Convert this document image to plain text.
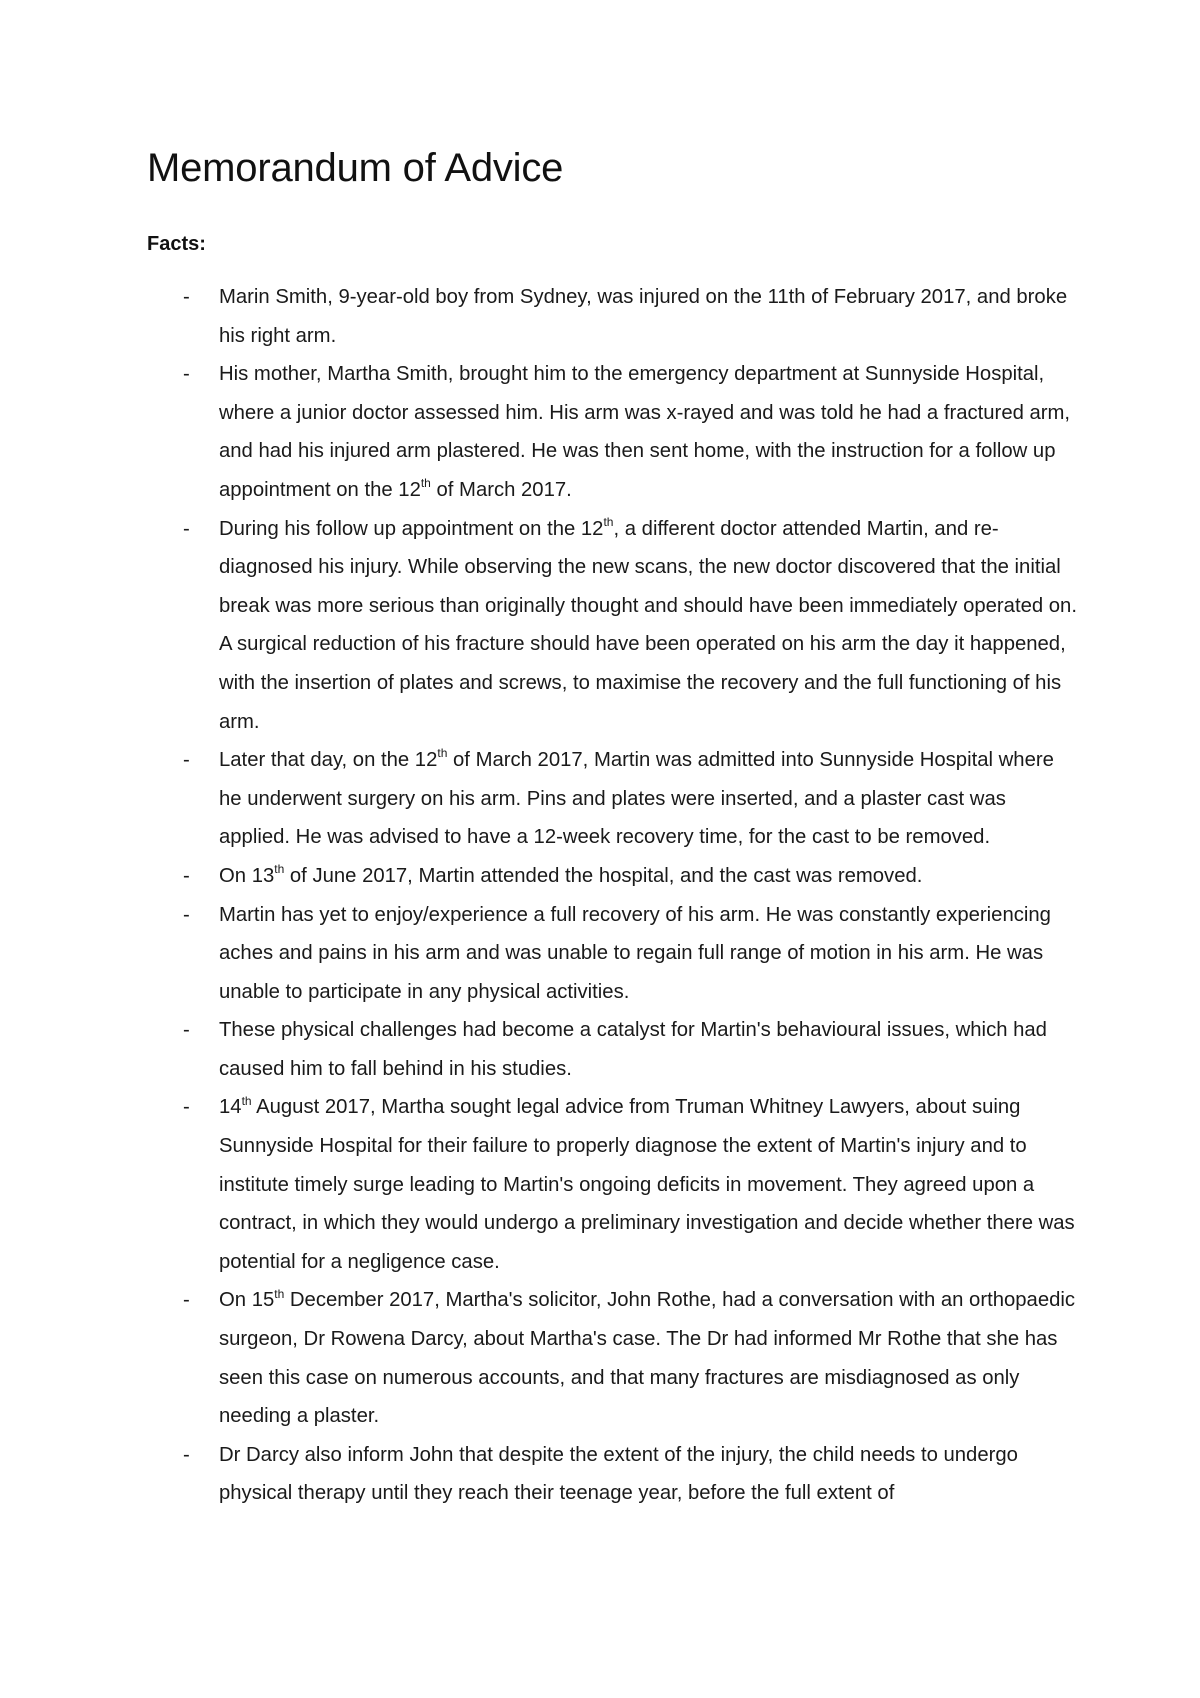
Memorandum of Advice
Facts:
- Marin Smith, 9-year-old boy from Sydney, was injured on the 11th of February 2017, and broke his right arm.
- His mother, Martha Smith, brought him to the emergency department at Sunnyside Hospital, where a junior doctor assessed him. His arm was x-rayed and was told he had a fractured arm, and had his injured arm plastered. He was then sent home, with the instruction for a follow up appointment on the 12th of March 2017.
- During his follow up appointment on the 12th, a different doctor attended Martin, and re-diagnosed his injury. While observing the new scans, the new doctor discovered that the initial break was more serious than originally thought and should have been immediately operated on. A surgical reduction of his fracture should have been operated on his arm the day it happened, with the insertion of plates and screws, to maximise the recovery and the full functioning of his arm.
- Later that day, on the 12th of March 2017, Martin was admitted into Sunnyside Hospital where he underwent surgery on his arm. Pins and plates were inserted, and a plaster cast was applied. He was advised to have a 12-week recovery time, for the cast to be removed.
- On 13th of June 2017, Martin attended the hospital, and the cast was removed.
- Martin has yet to enjoy/experience a full recovery of his arm. He was constantly experiencing aches and pains in his arm and was unable to regain full range of motion in his arm. He was unable to participate in any physical activities.
- These physical challenges had become a catalyst for Martin's behavioural issues, which had caused him to fall behind in his studies.
- 14th August 2017, Martha sought legal advice from Truman Whitney Lawyers, about suing Sunnyside Hospital for their failure to properly diagnose the extent of Martin's injury and to institute timely surge leading to Martin's ongoing deficits in movement. They agreed upon a contract, in which they would undergo a preliminary investigation and decide whether there was potential for a negligence case.
- On 15th December 2017, Martha's solicitor, John Rothe, had a conversation with an orthopaedic surgeon, Dr Rowena Darcy, about Martha's case. The Dr had informed Mr Rothe that she has seen this case on numerous accounts, and that many fractures are misdiagnosed as only needing a plaster.
- Dr Darcy also inform John that despite the extent of the injury, the child needs to undergo physical therapy until they reach their teenage year, before the full extent of
